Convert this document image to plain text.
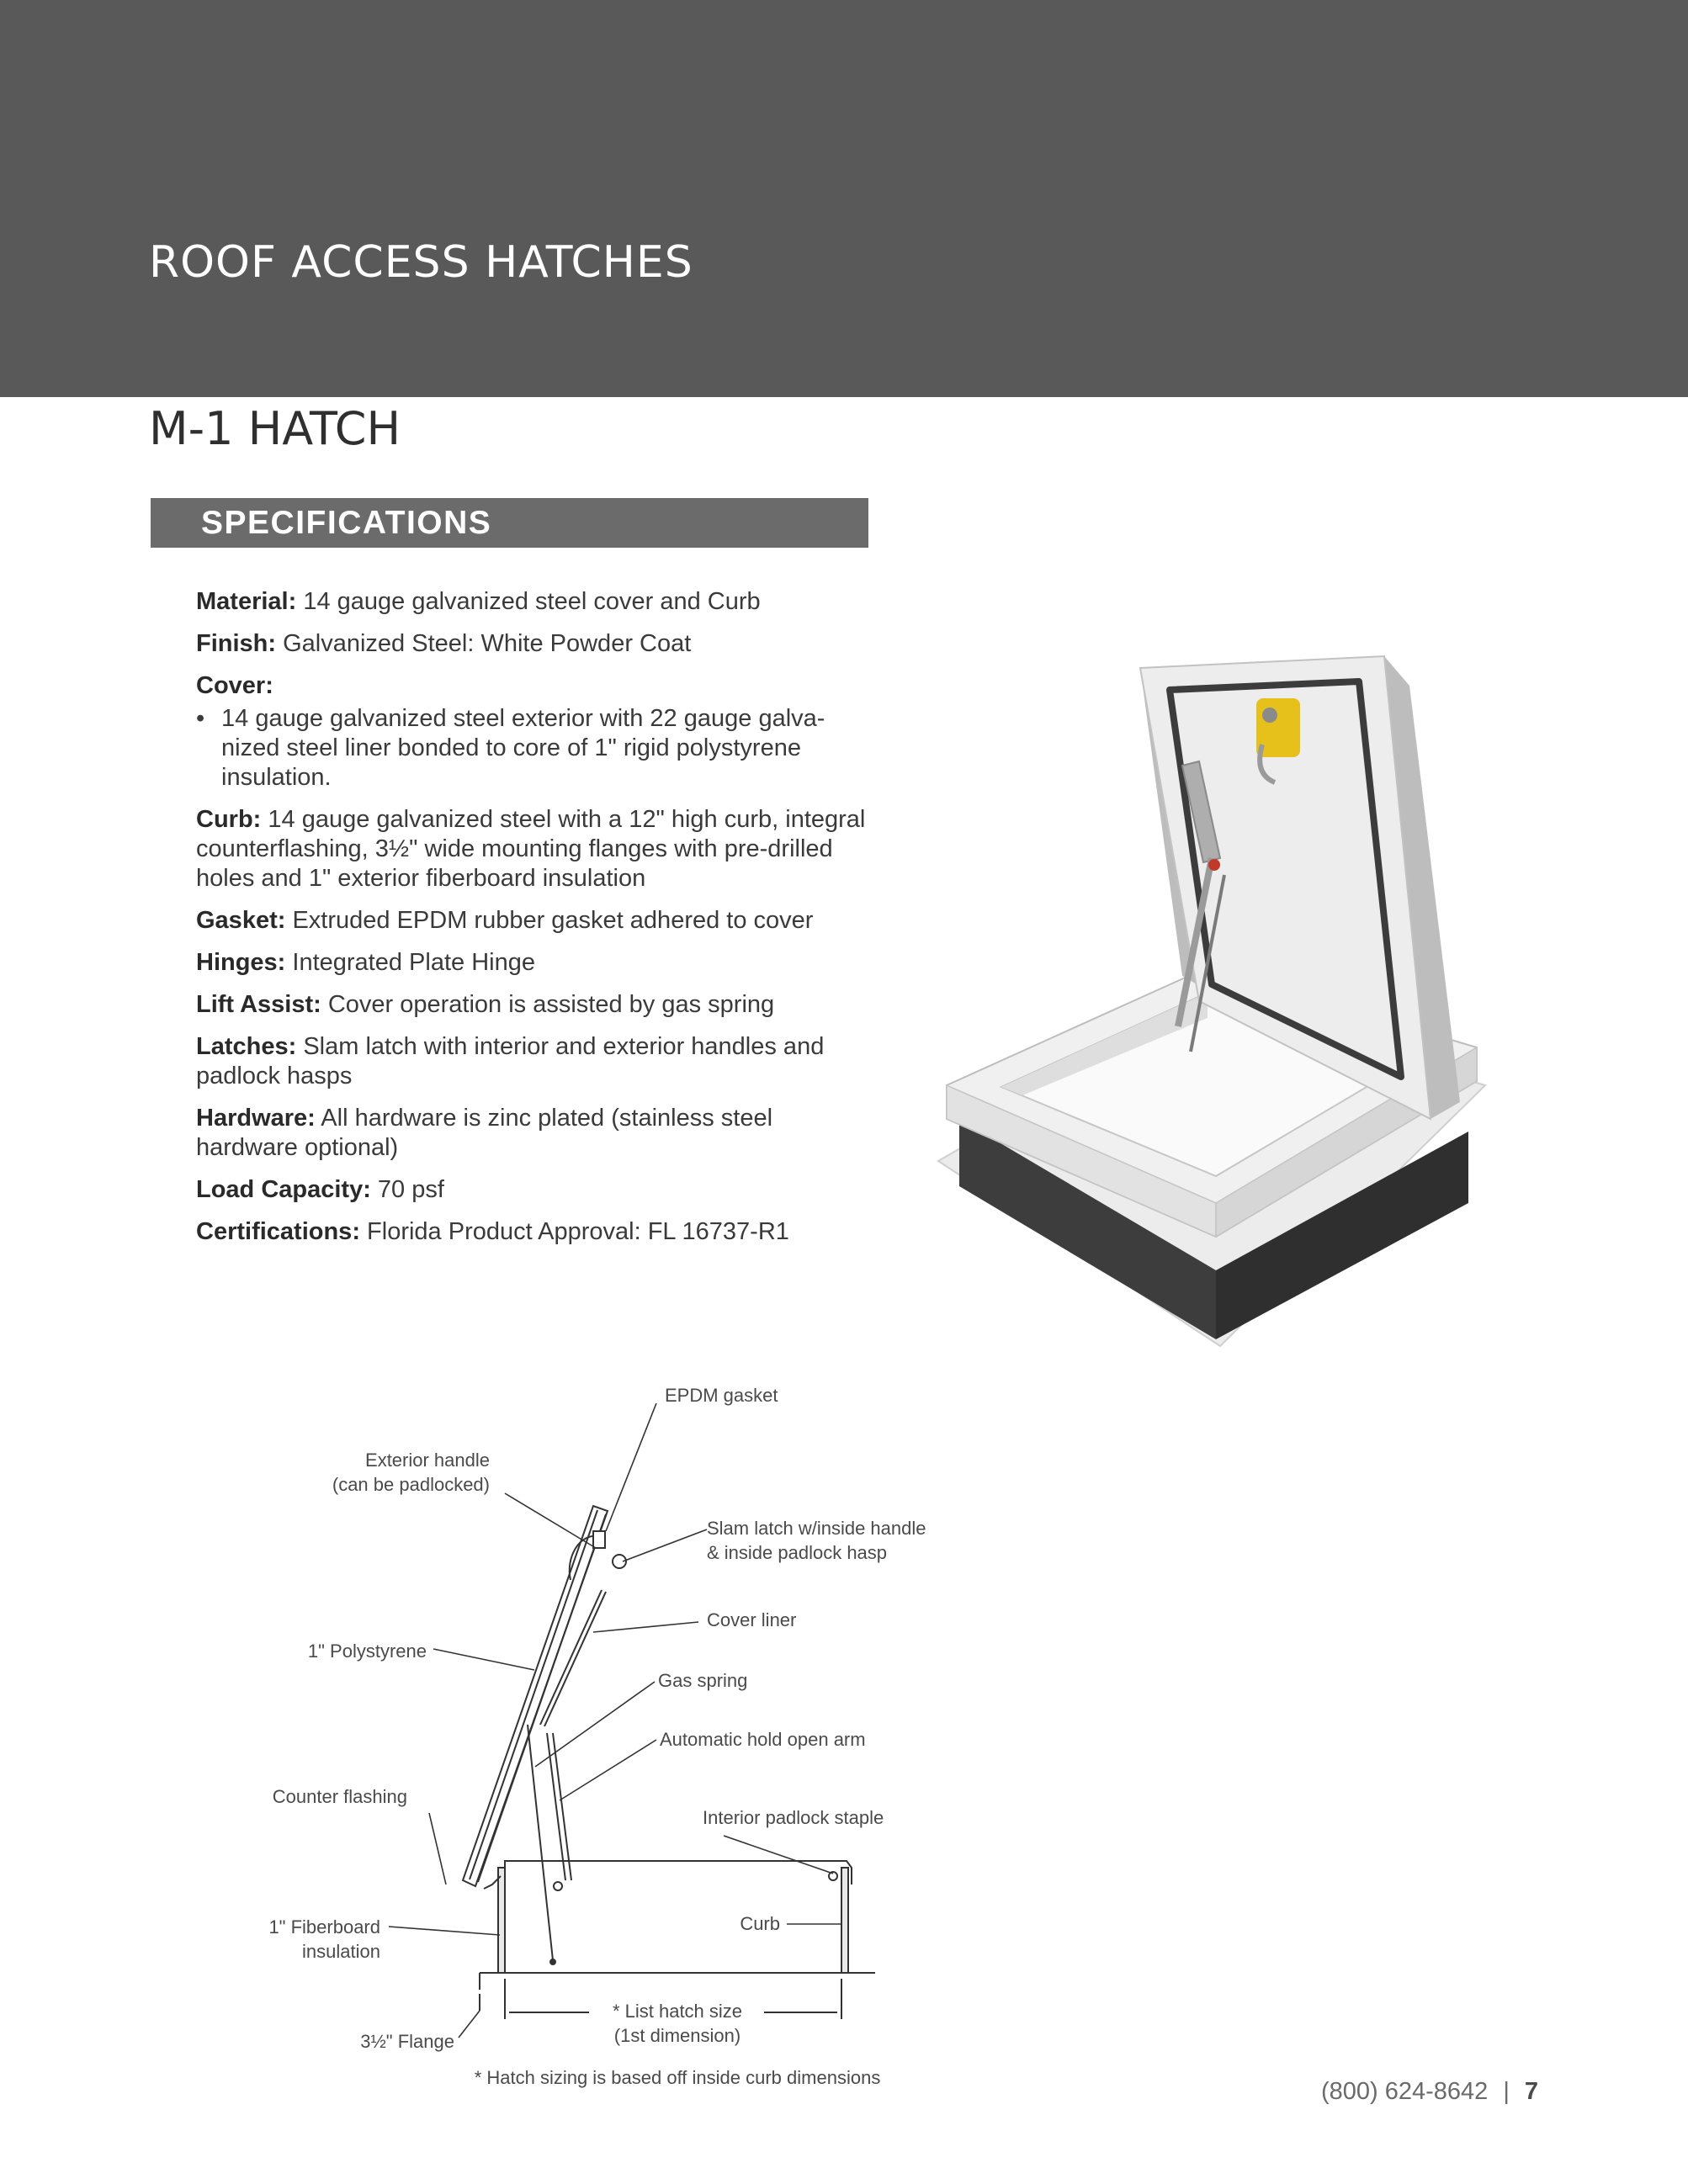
ROOF ACCESS HATCHES
M-1 HATCH
SPECIFICATIONS

Material: 14 gauge galvanized steel cover and Curb

Finish: Galvanized Steel: White Powder Coat

Cover:
• 14 gauge galvanized steel exterior with 22 gauge galva-nized steel liner bonded to core of 1" rigid polystyrene insulation.

Curb: 14 gauge galvanized steel with a 12" high curb, integral counterflashing, 3½" wide mounting flanges with pre-drilled holes and 1" exterior fiberboard insulation

Gasket: Extruded EPDM rubber gasket adhered to cover

Hinges: Integrated Plate Hinge

Lift Assist: Cover operation is assisted by gas spring

Latches: Slam latch with interior and exterior handles and padlock hasps

Hardware: All hardware is zinc plated (stainless steel hardware optional)

Load Capacity: 70 psf

Certifications: Florida Product Approval: FL 16737-R1

EPDM gasket
Exterior handle
(can be padlocked)
Slam latch w/inside handle
& inside padlock hasp
Cover liner
1" Polystyrene
Gas spring
Automatic hold open arm
Counter flashing
Interior padlock staple
1" Fiberboard
insulation
Curb
* List hatch size
(1st dimension)
3½" Flange
* Hatch sizing is based off inside curb dimensions
(800) 624-8642 | 7
